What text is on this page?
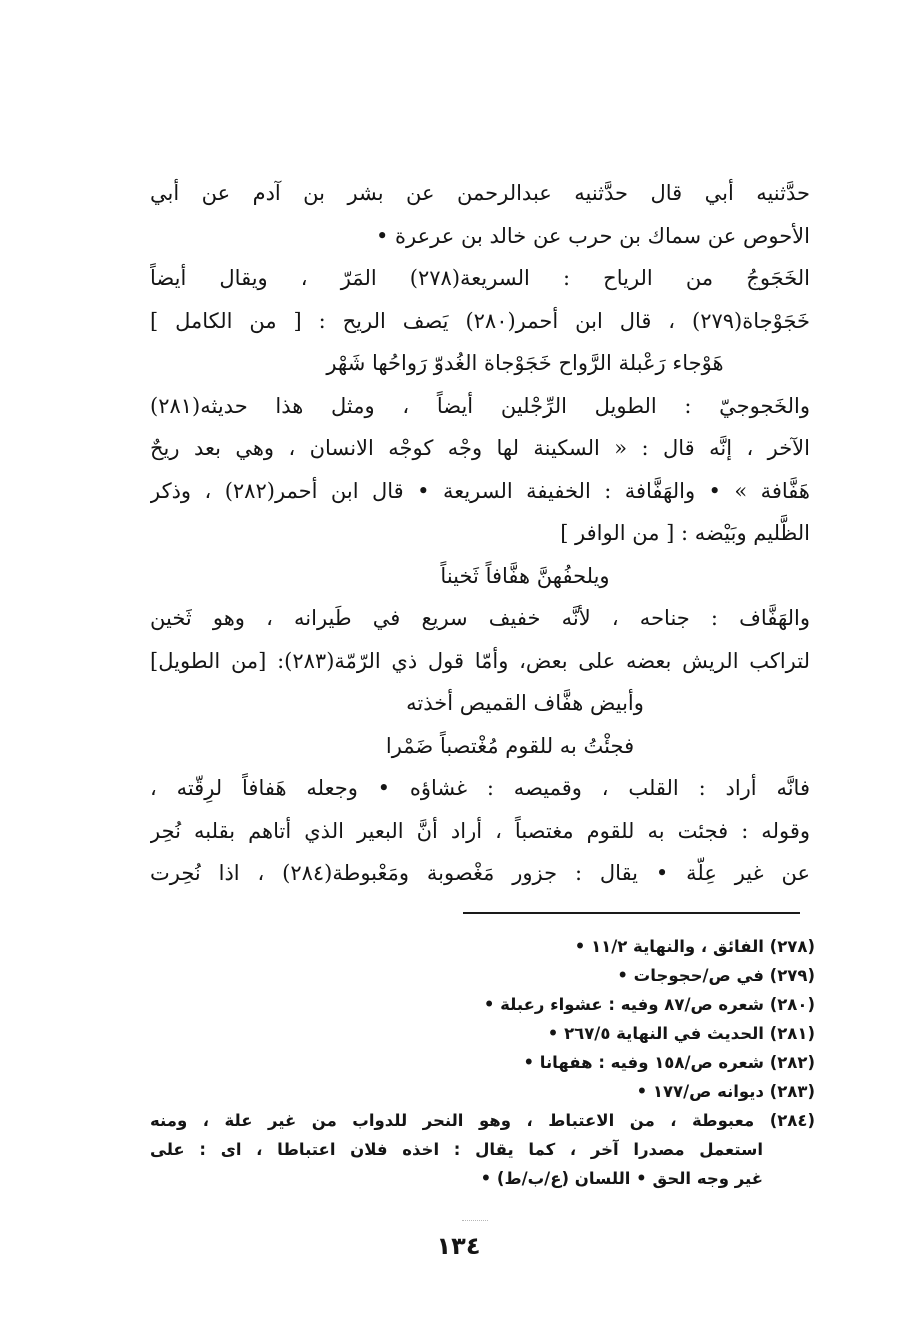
حدَّثنيه أبي قال حدَّثنيه عبدالرحمن عن بشر بن آدم عن أبي
الأحوص عن سماك بن حرب عن خالد بن عرعرة •
الخَجَوجُ من الرياح : السريعة(٢٧٨) المَرّ ، ويقال أيضاً
خَجَوْجاة(٢٧٩) ، قال ابن أحمر(٢٨٠) يَصف الريح : [ من الكامل ]
هَوْجاء رَعْبلة الرَّواح خَجَوْجاة الغُدوّ رَواحُها شَهْر
والخَجوجيّ : الطويل الرِّجْلين أيضاً ، ومثل هذا حديثه(٢٨١)
الآخر ، إنَّه قال : « السكينة لها وجْه كوجْه الانسان ، وهي بعد ريحٌ
هَفَّافة » • والهَفَّافة : الخفيفة السريعة • قال ابن أحمر(٢٨٢) ، وذكر
الظَّليم وبَيْضه : [ من الوافر ]
ويلحفُهنَّ هفَّافاً ثَخيناً
والهَفَّاف : جناحه ، لأنَّه خفيف سريع في طَيرانه ، وهو ثَخين
لتراكب الريش بعضه على بعض، وأمّا قول ذي الرّمّة(٢٨٣): [من الطويل]
وأبيض هفَّاف القميص أخذته
فجئْتُ به للقوم مُغْتصباً ضَمْرا
فانَّه أراد : القلب ، وقميصه : غشاؤه • وجعله هَفافاً لرِقّته ،
وقوله : فجئت به للقوم مغتصباً ، أراد أنَّ البعير الذي أتاهم بقلبه نُحِر
عن غير عِلّة • يقال : جزور مَغْصوبة ومَعْبوطة(٢٨٤) ، اذا نُحِرت
(٢٧٨) الفائق ، والنهاية ١١/٢ •
(٢٧٩) في ص/حجوجات •
(٢٨٠) شعره ص/٨٧ وفيه : عشواء رعبلة •
(٢٨١) الحديث في النهاية ٢٦٧/٥ •
(٢٨٢) شعره ص/١٥٨ وفيه : هفهانا •
(٢٨٣) ديوانه ص/١٧٧ •
(٢٨٤) معبوطة ، من الاعتباط ، وهو النحر للدواب من غير علة ، ومنه
استعمل مصدرا آخر ، كما يقال : اخذه فلان اعتباطا ، اى : على
غير وجه الحق • اللسان (ع/ب/ط) •
١٣٤
